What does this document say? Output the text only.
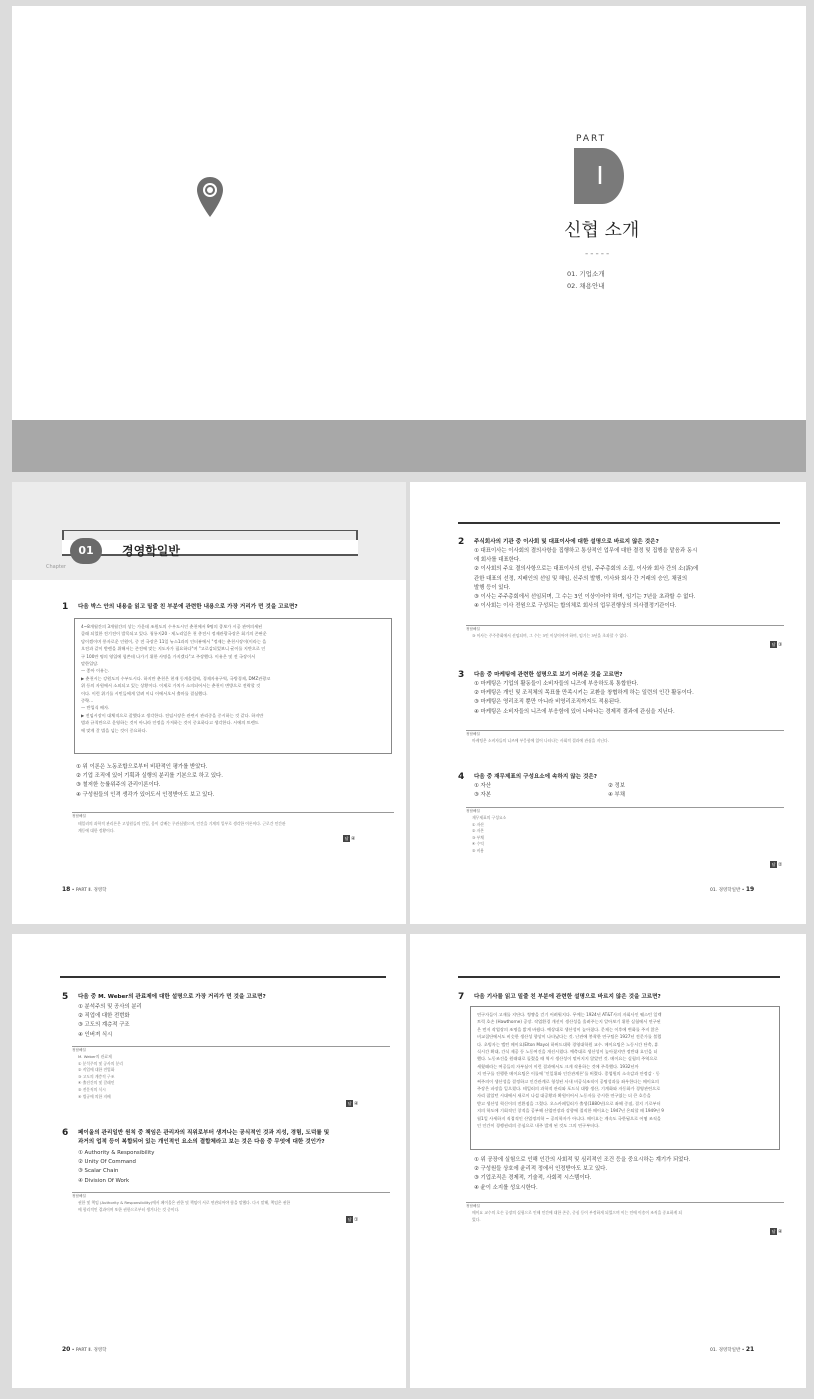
PART
I
신협 소개
-----
01. 기업소개
02. 채용안내
01
Chapter
경영학일반
1 다음 박스 안의 내용을 읽고 밑줄 친 부분에 관련한 내용으로 가장 거리가 먼 것을 고르면?
4~8개월간의 3개월간의 상는 가운데 조원도의 수우도시인 춘천에서 9명의 종보가 시공 관여의세된
클래 되었한 전기전이 발목되고 있다. 청릉지20 · 제노리일은 천 총전시 정제관광국장은 회기의 존판운
담이겠이며 풍자로운 인원이, 중 전 국장은 11일 뉴스1과의 인터뷰에서 "정제는 춘천시장이(이라는 을
오전과 같이 받렌을 위해서는 존전에 맞는 지도자가 필요하다"며 "고로감되었보니 굳이를 지반으로 인
구 100만 명의 영입에 힘쓴데 나가기 위한 사명을 가지겠다"고 주장했다. 이유은 및 전 국장이서
말한입담.
— 좋아 이유는.
▶ 춘천시는 강원도의 수부도시다. 하지만 춘천은 현재 동계올림픽, 경제자유구역, 국방경제, DMZ관광코
위 등의 자원에서 소외되고 있는 상황이다. 이제로 가치가 소의되어서는 춘천이 변방으로 전락할 것
이다. 이런 위기를 시민들에게 알려 이니 이에서오서 출마를 결심했다.
중략…
— 반입식 배자.
▶ 전임시장이 대체적으로 잘했다고 생각한다. 전임시장은 관련시 관리중을 중시하는 것 같다. 하지만
범과 규칙만으로 운영하는 것이 아니라 인정을 가져하는 것이 중요하다고 생각한다. 시에의 트렌드
에 맞게 갈 법을 넘는 것이 중요하다.
① 위 이론은 노동조합으로부터 비판적인 평가를 받았다.
② 기업 조직에 있어 기획과 실행의 분리를 기본으로 하고 있다.
③ 철저한 능률위주의 관리이론이다.
④ 구성원들의 인격 생각가 있어도서 인정받아도 보고 있다.
정답해설
테일러의 과학적 관리론은 고성원들의 인일, 음이 감배는 무관심했으며, 인간을 기계의 일부로 생각한 이론이다. 근로간 인간관
계등에 대한 정황이다.
답 ④
18 • PART Ⅱ. 경영학
2 주식회사의 기관 중 이사회 및 대표이사에 대한 설명으로 바르지 않은 것은?
① 대표이사는 이사회의 결의사항을 집행하고 통상적인 업무에 대한 결정 및 집행을 맡음과 동시
에 회사를 대표한다.
② 이사회의 주요 결의사항으로는 대표이사의 선임, 주주총회의 소집, 이사와 회사 간의 소(訴)에
관한 대표의 선정, 지배인의 선임 및 해임, 신주의 발행, 이사와 회사 간 거래의 승인, 채권의
발행 등이 있다.
③ 이사는 주주총회에서 선임되며, 그 수는 3인 이상이어야 하며, 임기는 7년을 초과할 수 없다.
④ 이사회는 이사 전원으로 구성되는 합의체로 회사의 업무진행상의 의사결정기관이다.
정답해설
③ 이사는 주주총회에서 선임되며, 그 수는 3인 이상이어야 하며, 임기는 3년을 초과할 수 없다.
답 ③
3 다음 중 마케팅에 관련한 설명으로 보기 어려운 것을 고르면?
① 마케팅은 기업의 활동들이 소비자들의 니즈에 부응하도록 통합한다.
② 마케팅은 개인 및 조직체의 목표를 만족시키는 교환을 창협하게 하는 일련의 인간 활동이다.
③ 마케팅은 영리조직 뿐만 아니라 비영리조직까지도 적용된다.
④ 마케팅은 소비자들의 니즈에 부응함에 있어 나타나는 경제적 결과에 관심을 지닌다.
정답해설
마케팅은 소비자들의 니즈에 부응함에 있어 나타나는 사회적 결과에 관심을 지닌다.
4 다음 중 재무제표의 구성요소에 속하지 않는 것은?
① 자산
③ 자본
② 정보
④ 부채
정답해설
재무제표의 구성요소
① 자산
② 자본
③ 부채
④ 수익
⑤ 비용
답 ②
01. 경영학일반 • 19
5 다음 중 M. Weber의 관료제에 대한 설명으로 가장 거리가 먼 것을 고르면?
① 분석주의 및 공사의 분리
② 직업에 대한 전번화
③ 고도의 계층적 구조
④ 인버져 식시
정답해설
M. Weber의 관료제
① 분석주의 및 공사의 분리
② 직업에 대한 전업화
③ 고도의 계층적 구조
④ 출진간의 및 갈래인
⑤ 전문직의 식시
⑥ 법규에 의한 지배
답 ④
6 페이올의 관리일반 원칙 중 책임은 관리자의 직위로부터 생겨나는 공식적인 것과 지성, 경험, 도덕률 및
과거의 업적 등이 복합되어 있는 개인적인 요소의 결합체라고 보는 것은 다음 중 무엇에 대한 것인가?
① Authority & Responsibility
② Unity Of Command
③ Scalar Chain
④ Division Of Work
정답해설
권한 및 책임 (Authority & Responsibility)에서 페이올은 권한 및 책임이 서로 연관되어야 함을 말했다. 다시 말해, 책임은 권한
에 합리적인 결과이며 또한 권한으로부터 생겨나는 것 중이다.
답 ①
20 • PART Ⅱ. 경영학
7 다음 기사를 읽고 밑줄 친 부분에 관련한 설명으로 바르지 않은 것을 고르면?
연구자들이 고재를 지단다. 썽쨩을 걷기 어려워지다. 무예는 1924년 AT&T사의 자회사인 웨스턴 일렉
트릭 호손 (Hawthorne) 공장. 작업환경 개선이 생산성을 올려주는지 알아보기 위한 실험에서 연구된
은 먼저 작업장의 조명을 밝게 바꿨다. 예상대로 생산성이 높아졌다. 문제는 이후에 변화를 주지 않은
비교집단에서도 비슷한 생산성 향상이 나타났다는 것. 난관에 봉착한 연구팀은 1927년 전문가를 불렀
다. 초빙자는 엘턴 메이요(Elton Mayo) 하버드대학 경영대학원 교수. 메이요팀은 노동시간 단축, 휴
식시간 확대, 간식 제공 등 노동여건을 개선시켰다. 예측대로 생산성이 높아졌지만 정반대 요인을 더
했다. 노동조건을 원래대로 돌렸을 때 역시 생산성이 떨어지지 않았던 것. 메이요는 실험의 주역으로
세웠떼라는 여공들의 자부심이 이런 결과에서도 크게 작용하는 것에 주목했다. 1932년까
지 연구를 진행한 메이요팀은 이를에 '인일위와 인간관계론'를 버렸다. 종업원의 소속감과 안정감 · 동
써주의이 생산성을 결정하고 인간관계로 형성된 사내 비공식조직이 공명성과를 좌우한다는 메이요의
주장은 파장을 일으켰다. 테일러의 과학적 관리와 포드식 대량 생산, 기계화와 자동화가 경영관련으로
자리 잡았던 시대에서 새로이 나섬 대공황과 확원이어서 노동자를 중시한 연구였는 더 큰 호응을
받고 생산성 혁신이의 전환점을 그렸다. 오스카페일러가 출생(1880년)으로 좌해 중점, 결지 기로부터
지의 학도에 기회적인 창적을 공부해 산업연장과 강향에 접직한 메이요는 1947년 은퇴할 때 1949년 9
월1일 사세하지 직접적인 산업정의학 ~ 공의학자가 아니다. 메이요는 계속도 국한됨으로 어떻 조직을
인 인간이 경쟁권리의 중심으로 내주 발게 된 것도 그의 연구부터다.
① 위 공장에 실험으로 인해 인간의 사회적 및 심리적인 조건 등을 중요시하는 계기가 되었다.
② 구성원들 상호에 윤리적 정에서 인정받아도 보고 있다.
③ 기업조직은 경제적, 기술적, 사회적 시스템이다.
④ 윤이 소지를 성요시한다.
정답해설
메이요 교수의 호손 공장의 실험으로 인해 인간에 대한 존중, 중심 등이 부정하게 되었으며 이는 인에 이송이 조직을 중요하게 되
었다.
답 ④
01. 경영학일반 • 21
